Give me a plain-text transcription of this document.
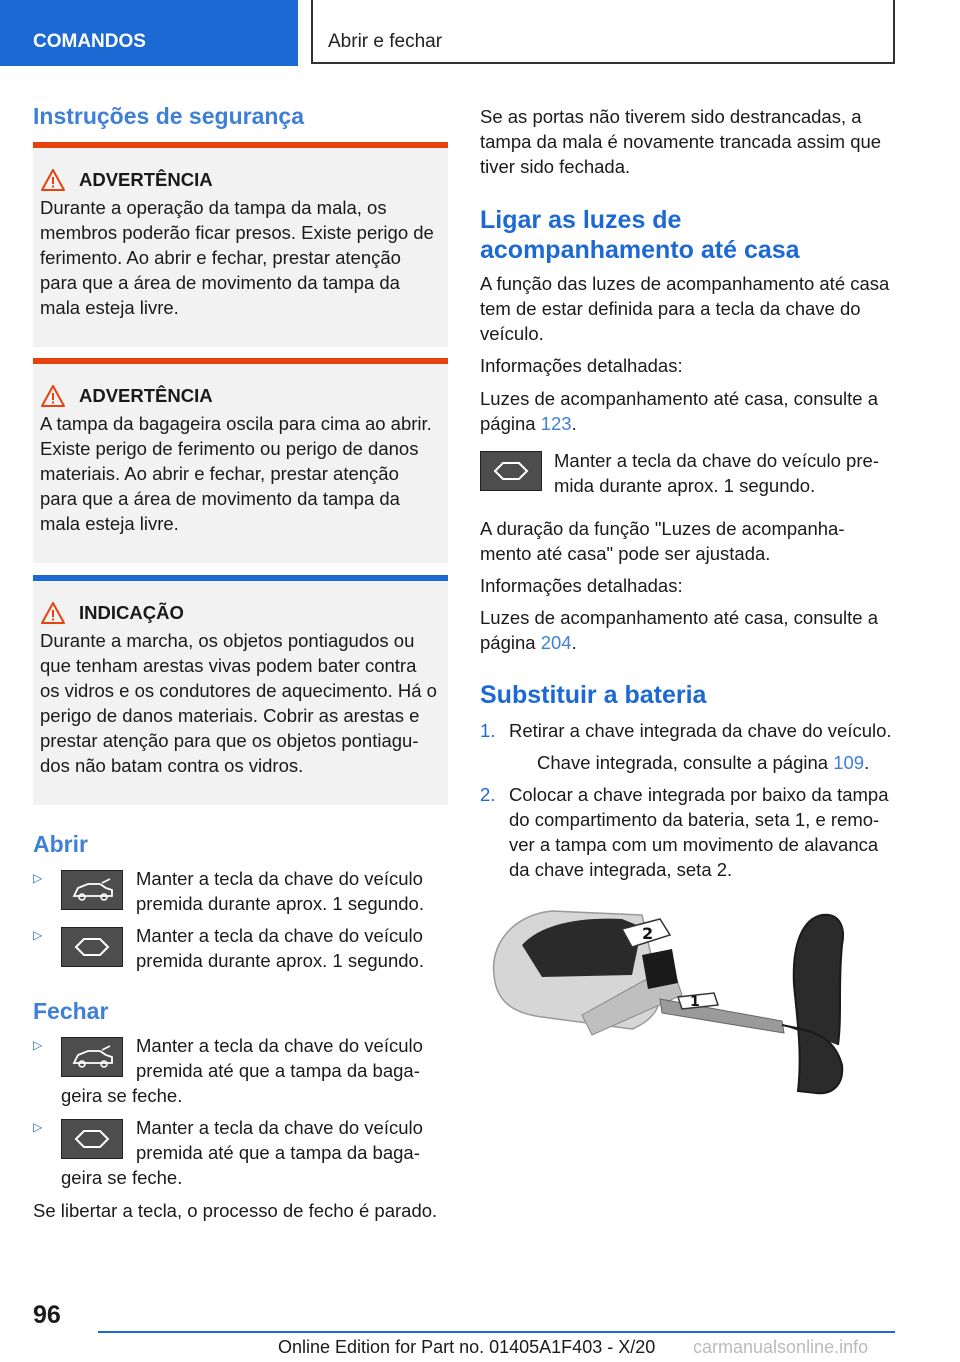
COMANDOS	Abrir e fechar
Instruções de segurança
ADVERTÊNCIA
Durante a operação da tampa da mala, os membros poderão ficar presos. Existe perigo de ferimento. Ao abrir e fechar, prestar atenção para que a área de movimento da tampa da mala esteja livre.
ADVERTÊNCIA
A tampa da bagageira oscila para cima ao abrir. Existe perigo de ferimento ou perigo de danos materiais. Ao abrir e fechar, prestar atenção para que a área de movimento da tampa da mala esteja livre.
INDICAÇÃO
Durante a marcha, os objetos pontiagudos ou que tenham arestas vivas podem bater contra os vidros e os condutores de aquecimento. Há o perigo de danos materiais. Cobrir as arestas e prestar atenção para que os objetos pontiagu- dos não batam contra os vidros.
Abrir
▷	Manter a tecla da chave do veículo premida durante aprox. 1 segundo.
▷	Manter a tecla da chave do veículo premida durante aprox. 1 segundo.
Fechar
▷	Manter a tecla da chave do veículo premida até que a tampa da baga-
geira se feche.
▷	Manter a tecla da chave do veículo premida até que a tampa da baga-
geira se feche.

Se libertar a tecla, o processo de fecho é parado.

Se as portas não tiverem sido destrancadas, a tampa da mala é novamente trancada assim que tiver sido fechada.

Ligar as luzes de acompanhamento até casa

A função das luzes de acompanhamento até casa tem de estar definida para a tecla da chave do veículo.

Informações detalhadas:

Luzes de acompanhamento até casa, consulte a página 123.

Manter a tecla da chave do veículo pre- mida durante aprox. 1 segundo.

A duração da função "Luzes de acompanha- mento até casa" pode ser ajustada.

Informações detalhadas:

Luzes de acompanhamento até casa, consulte a página 204.

Substituir a bateria
1. Retirar a chave integrada da chave do veículo.

Chave integrada, consulte a página 109.

2. Colocar a chave integrada por baixo da tampa do compartimento da bateria, seta 1, e remo- ver a tampa com um movimento de alavanca da chave integrada, seta 2.
2
1
96
Online Edition for Part no. 01405A1F403 - X/20 carmanualsonline.info
